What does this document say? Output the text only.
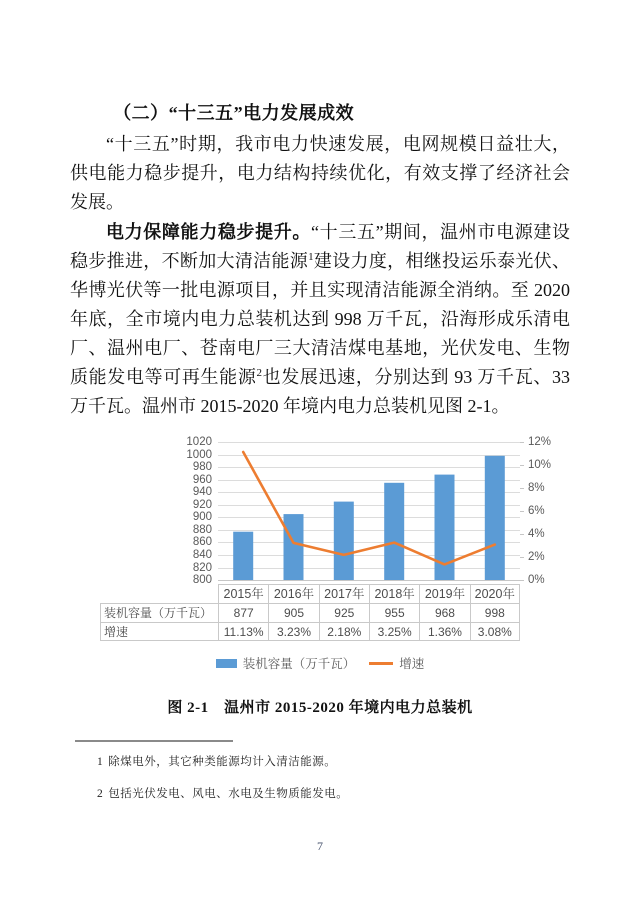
（二）“十三五”电力发展成效
“十三五”时期，我市电力快速发展，电网规模日益壮大，供电能力稳步提升，电力结构持续优化，有效支撑了经济社会发展。
电力保障能力稳步提升。“十三五”期间，温州市电源建设稳步推进，不断加大清洁能源$^1$建设力度，相继投运乐泰光伏、华博光伏等一批电源项目，并且实现清洁能源全消纳。至 2020 年底，全市境内电力总装机达到 998 万千瓦，沿海形成乐清电厂、温州电厂、苍南电厂三大清洁煤电基地，光伏发电、生物质能发电等可再生能源$^2$也发展迅速，分别达到 93 万千瓦、33 万千瓦。温州市 2015-2020 年境内电力总装机见图 2-1。
1020
1000
980
960
940
920
900
880
860
840
820
800
12%
10%
8%
6%
4%
2%
0%
2015年 2016年 2017年 2018年 2019年 2020年
装机容量（万千瓦）	877	905	925	955	968	998
增速	11.13%	3.23%	2.18%	3.25%	1.36%	3.08%
装机容量（万千瓦）	增速
图 2-1　温州市 2015-2020 年境内电力总装机
1 除煤电外，其它种类能源均计入清洁能源。
2 包括光伏发电、风电、水电及生物质能发电。
7
